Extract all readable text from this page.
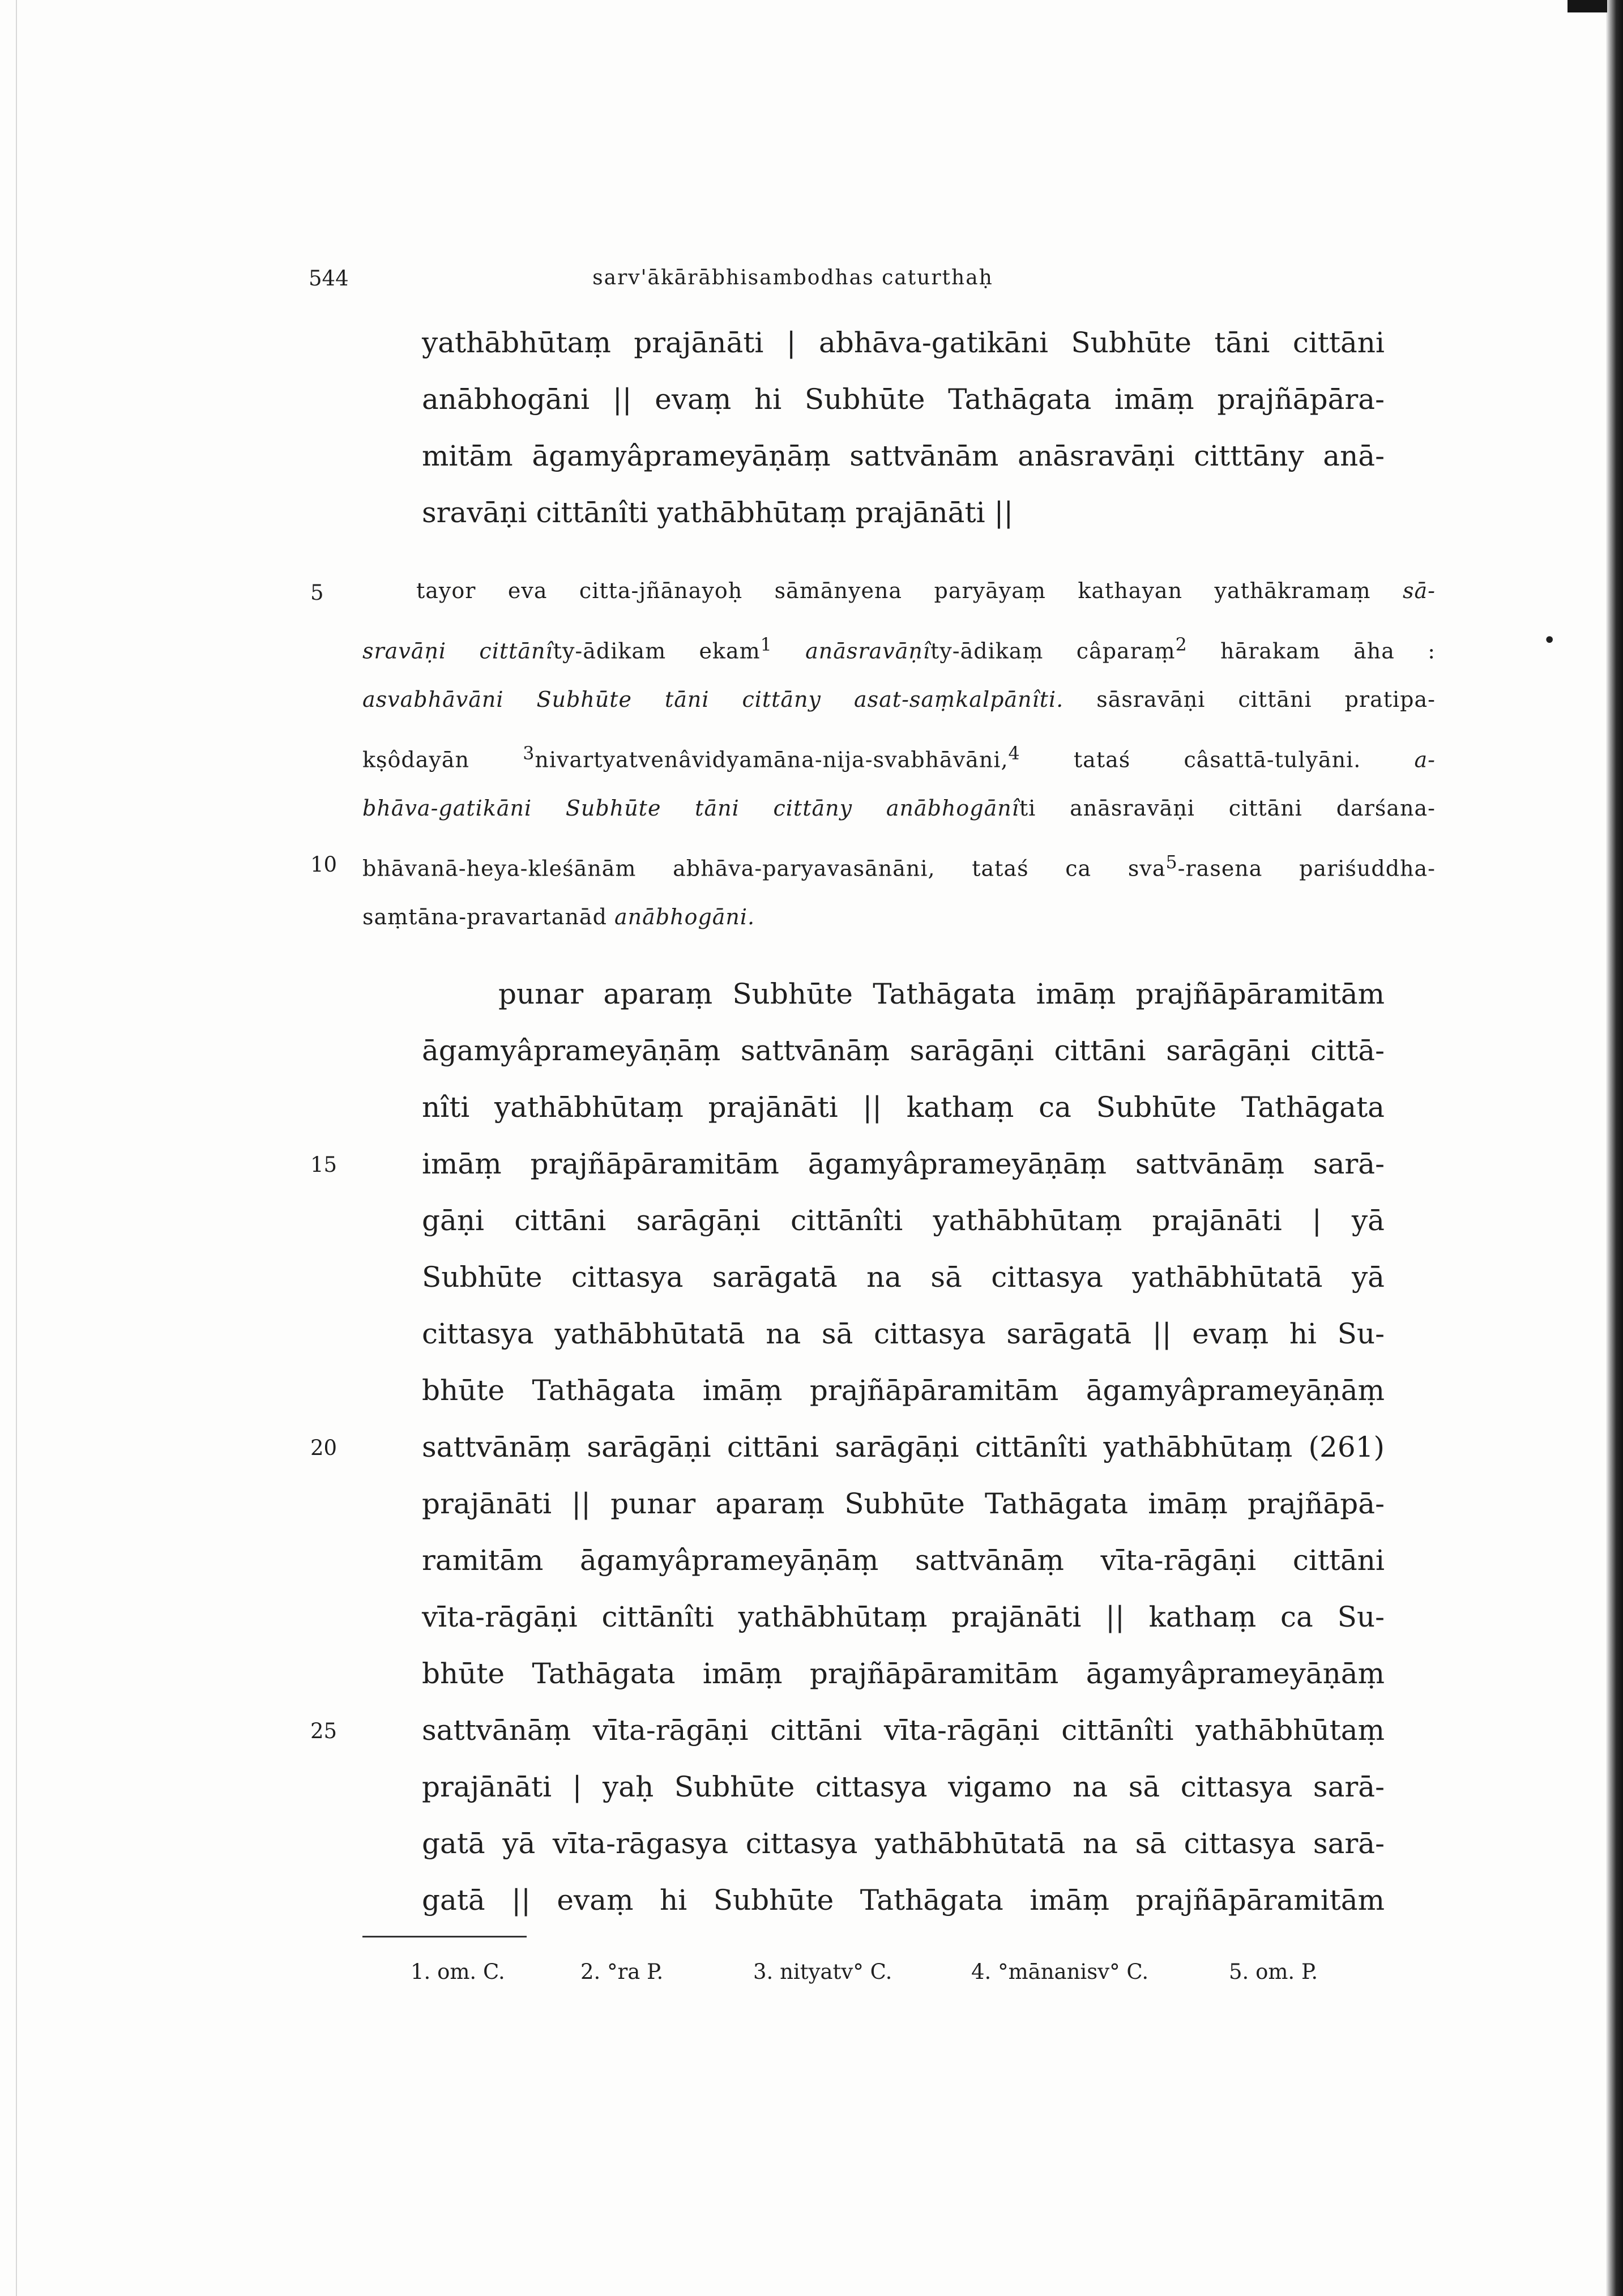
544	sarv'ākārābhisambodhas caturthaḥ
yathābhūtaṃ prajānāti | abhāva-gatikāni Subhūte tāni cittāni
anābhogāni || evaṃ hi Subhūte Tathāgata imāṃ prajñāpāra-
mitām āgamyâprameyāṇāṃ sattvānām anāsravāṇi citttāny anā-
sravāṇi cittānîti yathābhūtaṃ prajānāti ||
tayor eva citta-jñānayoḥ sāmānyena paryāyaṃ kathayan yathākramaṃ sā-
sravāṇi cittānîty-ādikam ekam$^1$ anāsravāṇîty-ādikaṃ câparaṃ$^2$ hārakam āha :
asvabhāvāni Subhūte tāni cittāny asat-saṃkalpānîti. sāsravāṇi cittāni pratipa-
kṣôdayān $^3$nivartyatvenâvidyamāna-nija-svabhāvāni,$^4$ tataś câsattā-tulyāni. a-
bhāva-gatikāni Subhūte tāni cittāny anābhogānîti anāsravāṇi cittāni darśana-
bhāvanā-heya-kleśānām abhāva-paryavasānāni, tataś ca sva$^5$-rasena pariśuddha-
saṃtāna-pravartanād anābhogāni.
•
punar aparaṃ Subhūte Tathāgata imāṃ prajñāpāramitām
āgamyâprameyāṇāṃ sattvānāṃ sarāgāṇi cittāni sarāgāṇi cittā-
nîti yathābhūtaṃ prajānāti || kathaṃ ca Subhūte Tathāgata
imāṃ prajñāpāramitām āgamyâprameyāṇāṃ sattvānāṃ sarā-
gāṇi cittāni sarāgāṇi cittānîti yathābhūtaṃ prajānāti | yā
Subhūte cittasya sarāgatā na sā cittasya yathābhūtatā yā
cittasya yathābhūtatā na sā cittasya sarāgatā || evaṃ hi Su-
bhūte Tathāgata imāṃ prajñāpāramitām āgamyâprameyāṇāṃ
sattvānāṃ sarāgāṇi cittāni sarāgāṇi cittānîti yathābhūtaṃ (261)
prajānāti || punar aparaṃ Subhūte Tathāgata imāṃ prajñāpā-
ramitām āgamyâprameyāṇāṃ sattvānāṃ vīta-rāgāṇi cittāni
vīta-rāgāṇi cittānîti yathābhūtaṃ prajānāti || kathaṃ ca Su-
bhūte Tathāgata imāṃ prajñāpāramitām āgamyâprameyāṇāṃ
sattvānāṃ vīta-rāgāṇi cittāni vīta-rāgāṇi cittānîti yathābhūtaṃ
prajānāti | yaḥ Subhūte cittasya vigamo na sā cittasya sarā-
gatā yā vīta-rāgasya cittasya yathābhūtatā na sā cittasya sarā-
gatā || evaṃ hi Subhūte Tathāgata imāṃ prajñāpāramitām
5
10
15
20
25
1. om. C.	2. °ra P.	3. nityatv° C.	4. °mānanisv° C.	5. om. P.
